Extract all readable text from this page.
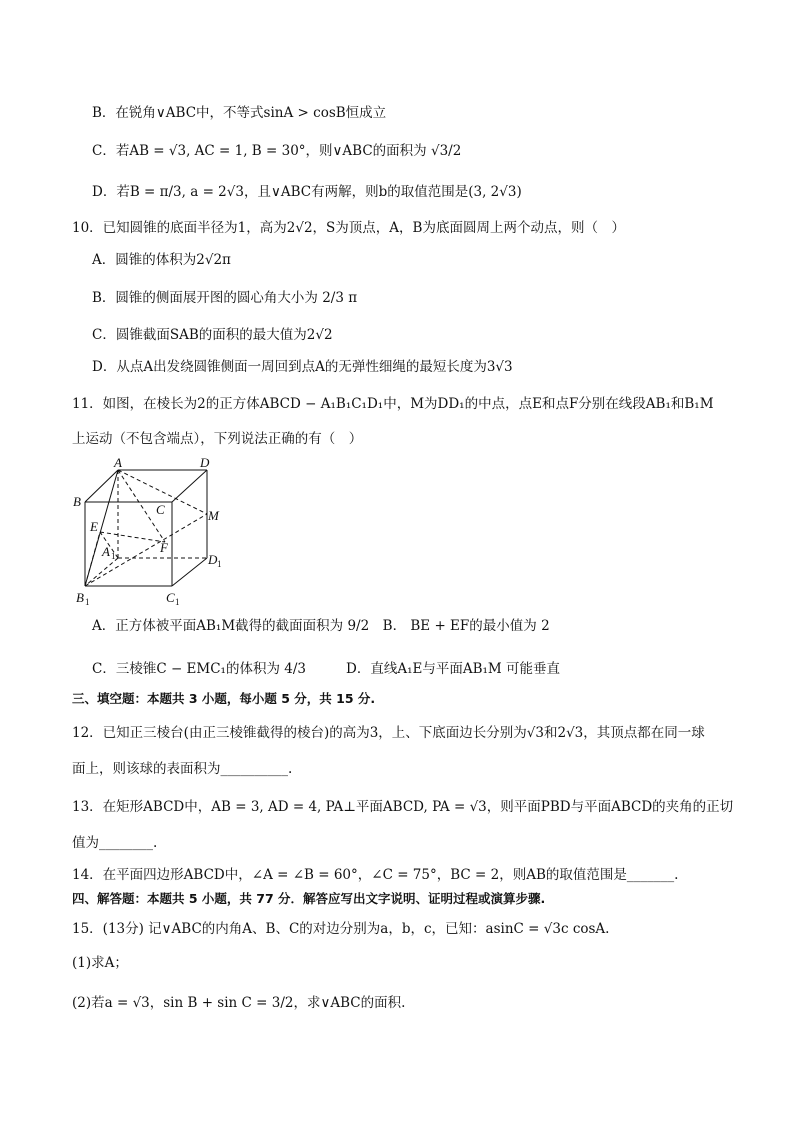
B．在锐角∨ABC中，不等式sinA > cosB恒成立
C．若AB = √3, AC = 1, B = 30°，则∨ABC的面积为 √3/2
D．若B = π/3, a = 2√3，且∨ABC有两解，则b的取值范围是(3, 2√3)
10．已知圆锥的底面半径为1，高为2√2，S为顶点，A，B为底面圆周上两个动点，则（　）
A．圆锥的体积为2√2π
B．圆锥的侧面展开图的圆心角大小为 2/3 π
C．圆锥截面SAB的面积的最大值为2√2
D．从点A出发绕圆锥侧面一周回到点A的无弹性细绳的最短长度为3√3
11．如图，在棱长为2的正方体ABCD − A₁B₁C₁D₁中，M为DD₁的中点，点E和点F分别在线段AB₁和B₁M
上运动（不包含端点），下列说法正确的有（　）
A	D
B
C	M
E
A 1
F
D 1
B 1	C 1
A．正方体被平面AB₁M截得的截面面积为 9/2　B． BE + EF的最小值为 2
C．三棱锥C − EMC₁的体积为 4/3	D．直线A₁E与平面AB₁M 可能垂直
三、填空题：本题共 3 小题，每小题 5 分，共 15 分.
12．已知正三棱台(由正三棱锥截得的棱台)的高为3，上、下底面边长分别为√3和2√3，其顶点都在同一球
面上，则该球的表面积为__________.
13．在矩形ABCD中，AB = 3, AD = 4, PA⊥平面ABCD, PA = √3，则平面PBD与平面ABCD的夹角的正切
值为________.
14．在平面四边形ABCD中，∠A = ∠B = 60°，∠C = 75°，BC = 2，则AB的取值范围是_______.
四、解答题：本题共 5 小题，共 77 分．解答应写出文字说明、证明过程或演算步骤.
15．(13分) 记∨ABC的内角A、B、C的对边分别为a，b，c，已知：asinC = √3c cosA.
(1)求A；
(2)若a = √3，sin B + sin C = 3/2，求∨ABC的面积.
